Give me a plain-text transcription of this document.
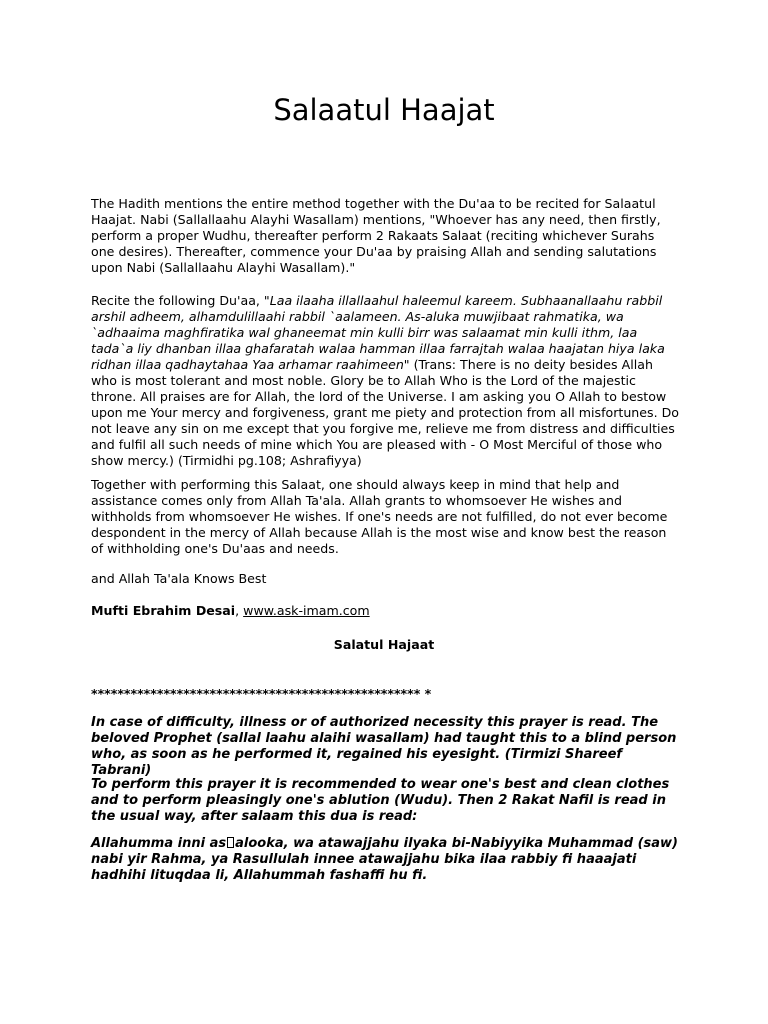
Salaatul Haajat

The Hadith mentions the entire method together with the Du'aa to be recited for Salaatul Haajat. Nabi (Sallallaahu Alayhi Wasallam) mentions, "Whoever has any need, then firstly, perform a proper Wudhu, thereafter perform 2 Rakaats Salaat (reciting whichever Surahs one desires). Thereafter, commence your Du'aa by praising Allah and sending salutations upon Nabi (Sallallaahu Alayhi Wasallam)."

Recite the following Du'aa, "Laa ilaaha illallaahul haleemul kareem. Subhaanallaahu rabbil arshil adheem, alhamdulillaahi rabbil `aalameen. As-aluka muwjibaat rahmatika, wa `adhaaima maghfiratika wal ghaneemat min kulli birr was salaamat min kulli ithm, laa tada`a liy dhanban illaa ghafaratah walaa hamman illaa farrajtah walaa haajatan hiya laka ridhan illaa qadhaytahaa Yaa arhamar raahimeen" (Trans: There is no deity besides Allah who is most tolerant and most noble. Glory be to Allah Who is the Lord of the majestic throne. All praises are for Allah, the lord of the Universe. I am asking you O Allah to bestow upon me Your mercy and forgiveness, grant me piety and protection from all misfortunes. Do not leave any sin on me except that you forgive me, relieve me from distress and difficulties and fulfil all such needs of mine which You are pleased with - O Most Merciful of those who show mercy.) (Tirmidhi pg.108; Ashrafiyya)

Together with performing this Salaat, one should always keep in mind that help and assistance comes only from Allah Ta'ala. Allah grants to whomsoever He wishes and withholds from whomsoever He wishes. If one's needs are not fulfilled, do not ever become despondent in the mercy of Allah because Allah is the most wise and know best the reason of withholding one's Du'aas and needs.

and Allah Ta'ala Knows Best

Mufti Ebrahim Desai, www.ask-imam.com

Salatul Hajaat

************************************************** *

In case of difficulty, illness or of authorized necessity this prayer is read. The beloved Prophet (sallal laahu alaihi wasallam) had taught this to a blind person who, as soon as he performed it, regained his eyesight. (Tirmizi Shareef Tabrani)

To perform this prayer it is recommended to wear one's best and clean clothes and to perform pleasingly one's ablution (Wudu). Then 2 Rakat Nafil is read in the usual way, after salaam this dua is read:

Allahumma inni as alooka, wa atawajjahu ilyaka bi-Nabiyyika Muhammad (saw) nabi yir Rahma, ya Rasullulah innee atawajjahu bika ilaa rabbiy fi haaajati hadhihi lituqdaa li, Allahummah fashaffi hu fi.
